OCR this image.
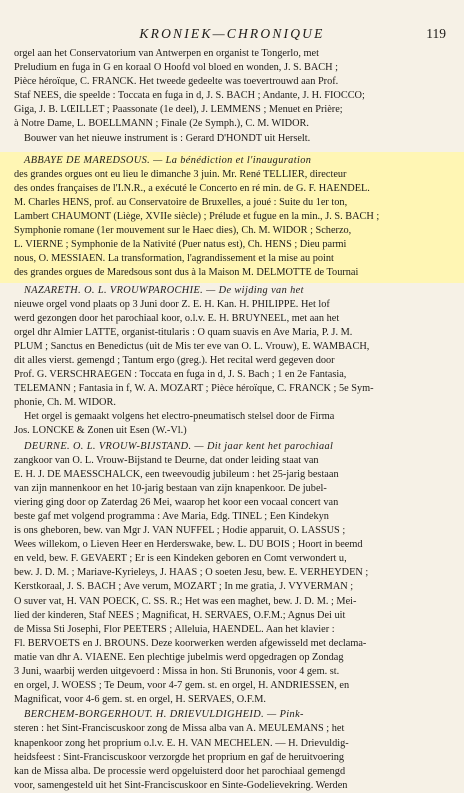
KRONIEK—CHRONIQUE	119
orgel aan het Conservatorium van Antwerpen en organist te Tongerlo, met
Preludium en fuga in G en koraal O Hoofd vol bloed en wonden, J. S. BACH ;
Pièce héroïque, C. FRANCK. Het tweede gedeelte was toevertrouwd aan Prof.
Staf NEES, die speelde : Toccata en fuga in d, J. S. BACH ; Andante, J. H. FIOCCO;
Giga, J. B. LŒILLET ; Paassonate (1e deel), J. LEMMENS ; Menuet en Prière;
à Notre Dame, L. BOELLMANN ; Finale (2e Symph.), C. M. WIDOR.
Bouwer van het nieuwe instrument is : Gerard D'HONDT uit Herselt.
ABBAYE DE MAREDSOUS. — La bénédiction et l'inauguration
des grandes orgues ont eu lieu le dimanche 3 juin. Mr. René TELLIER, directeur
des ondes françaises de l'I.N.R., a exécuté le Concerto en ré min. de G. F. HAENDEL.
M. Charles HENS, prof. au Conservatoire de Bruxelles, a joué : Suite du 1er ton,
Lambert CHAUMONT (Liège, XVIIe siècle) ; Prélude et fugue en la min., J. S. BACH ;
Symphonie romane (1er mouvement sur le Haec dies), Ch. M. WIDOR ; Scherzo,
L. VIERNE ; Symphonie de la Nativité (Puer natus est), Ch. HENS ; Dieu parmi
nous, O. MESSIAEN. La transformation, l'agrandissement et la mise au point
des grandes orgues de Maredsous sont dus à la Maison M. DELMOTTE de Tournai
NAZARETH. O. L. VROUWPAROCHIE. — De wijding van het
nieuwe orgel vond plaats op 3 Juni door Z. E. H. Kan. H. PHILIPPE. Het lof
werd gezongen door het parochiaal koor, o.l.v. E. H. BRUYNEEL, met aan het
orgel dhr Almier LATTE, organist-titularis : O quam suavis en Ave Maria, P. J. M.
PLUM ; Sanctus en Benedictus (uit de Mis ter eve van O. L. Vrouw), E. WAMBACH,
dit alles vierst. gemengd ; Tantum ergo (greg.). Het recital werd gegeven door
Prof. G. VERSCHRAEGEN : Toccata en fuga in d, J. S. Bach ; 1 en 2e Fantasia,
TELEMANN ; Fantasia in f, W. A. MOZART ; Pièce héroïque, C. FRANCK ; 5e Sym-
phonie, Ch. M. WIDOR.
Het orgel is gemaakt volgens het electro-pneumatisch stelsel door de Firma
Jos. LONCKE & Zonen uit Esen (W.-Vl.)
DEURNE. O. L. VROUW-BIJSTAND. — Dit jaar kent het parochiaal
zangkoor van O. L. Vrouw-Bijstand te Deurne, dat onder leiding staat van
E. H. J. DE MAESSCHALCK, een tweevoudig jubileum : het 25-jarig bestaan
van zijn mannenkoor en het 10-jarig bestaan van zijn knapenkoor. De jubel-
viering ging door op Zaterdag 26 Mei, waarop het koor een vocaal concert van
beste gaf met volgend programma : Ave Maria, Edg. TINEL ; Een Kindekyn
is ons gheboren, bew. van Mgr J. VAN NUFFEL ; Hodie apparuit, O. LASSUS ;
Wees willekom, o Lieven Heer en Herderswake, bew. L. DU BOIS ; Hoort in beemd
en veld, bew. F. GEVAERT ; Er is een Kindeken geboren en Comt verwondert u,
bew. J. D. M. ; Mariave-Kyrieleys, J. HAAS ; O soeten Jesu, bew. E. VERHEYDEN ;
Kerstkoraal, J. S. BACH ; Ave verum, MOZART ; In me gratia, J. VYVERMAN ;
O suver vat, H. VAN POECK, C. SS. R.; Het was een maghet, bew. J. D. M. ; Mei-
lied der kinderen, Staf NEES ; Magnificat, H. SERVAES, O.F.M.; Agnus Dei uit
de Missa Sti Josephi, Flor PEETERS ; Alleluia, HAENDEL. Aan het klavier :
Fl. BERVOETS en J. BROUNS. Deze koorwerken werden afgewisseld met declama-
matie van dhr A. VIAENE. Een plechtige jubelmis werd opgedragen op Zondag
3 Juni, waarbij werden uitgevoerd : Missa in hon. Sti Brunonis, voor 4 gem. st.
en orgel, J. WOESS ; Te Deum, voor 4-7 gem. st. en orgel, H. ANDRIESSEN, en
Magnificat, voor 4-6 gem. st. en orgel, H. SERVAES, O.F.M.
BERCHEM-BORGERHOUT. H. DRIEVULDIGHEID. — Pink-
steren : het Sint-Franciscuskoor zong de Missa alba van A. MEULEMANS ; het
knapenkoor zong het proprium o.l.v. E. H. VAN MECHELEN. — H. Drievuldig-
heidsfeest : Sint-Franciscuskoor verzorgde het proprium en gaf de heruitvoering
kan de Missa alba. De processie werd opgeluisterd door het parochiaal gemengd
voor, samengesteld uit het Sint-Franciscuskoor en Sinte-Godelievekring. Werden
